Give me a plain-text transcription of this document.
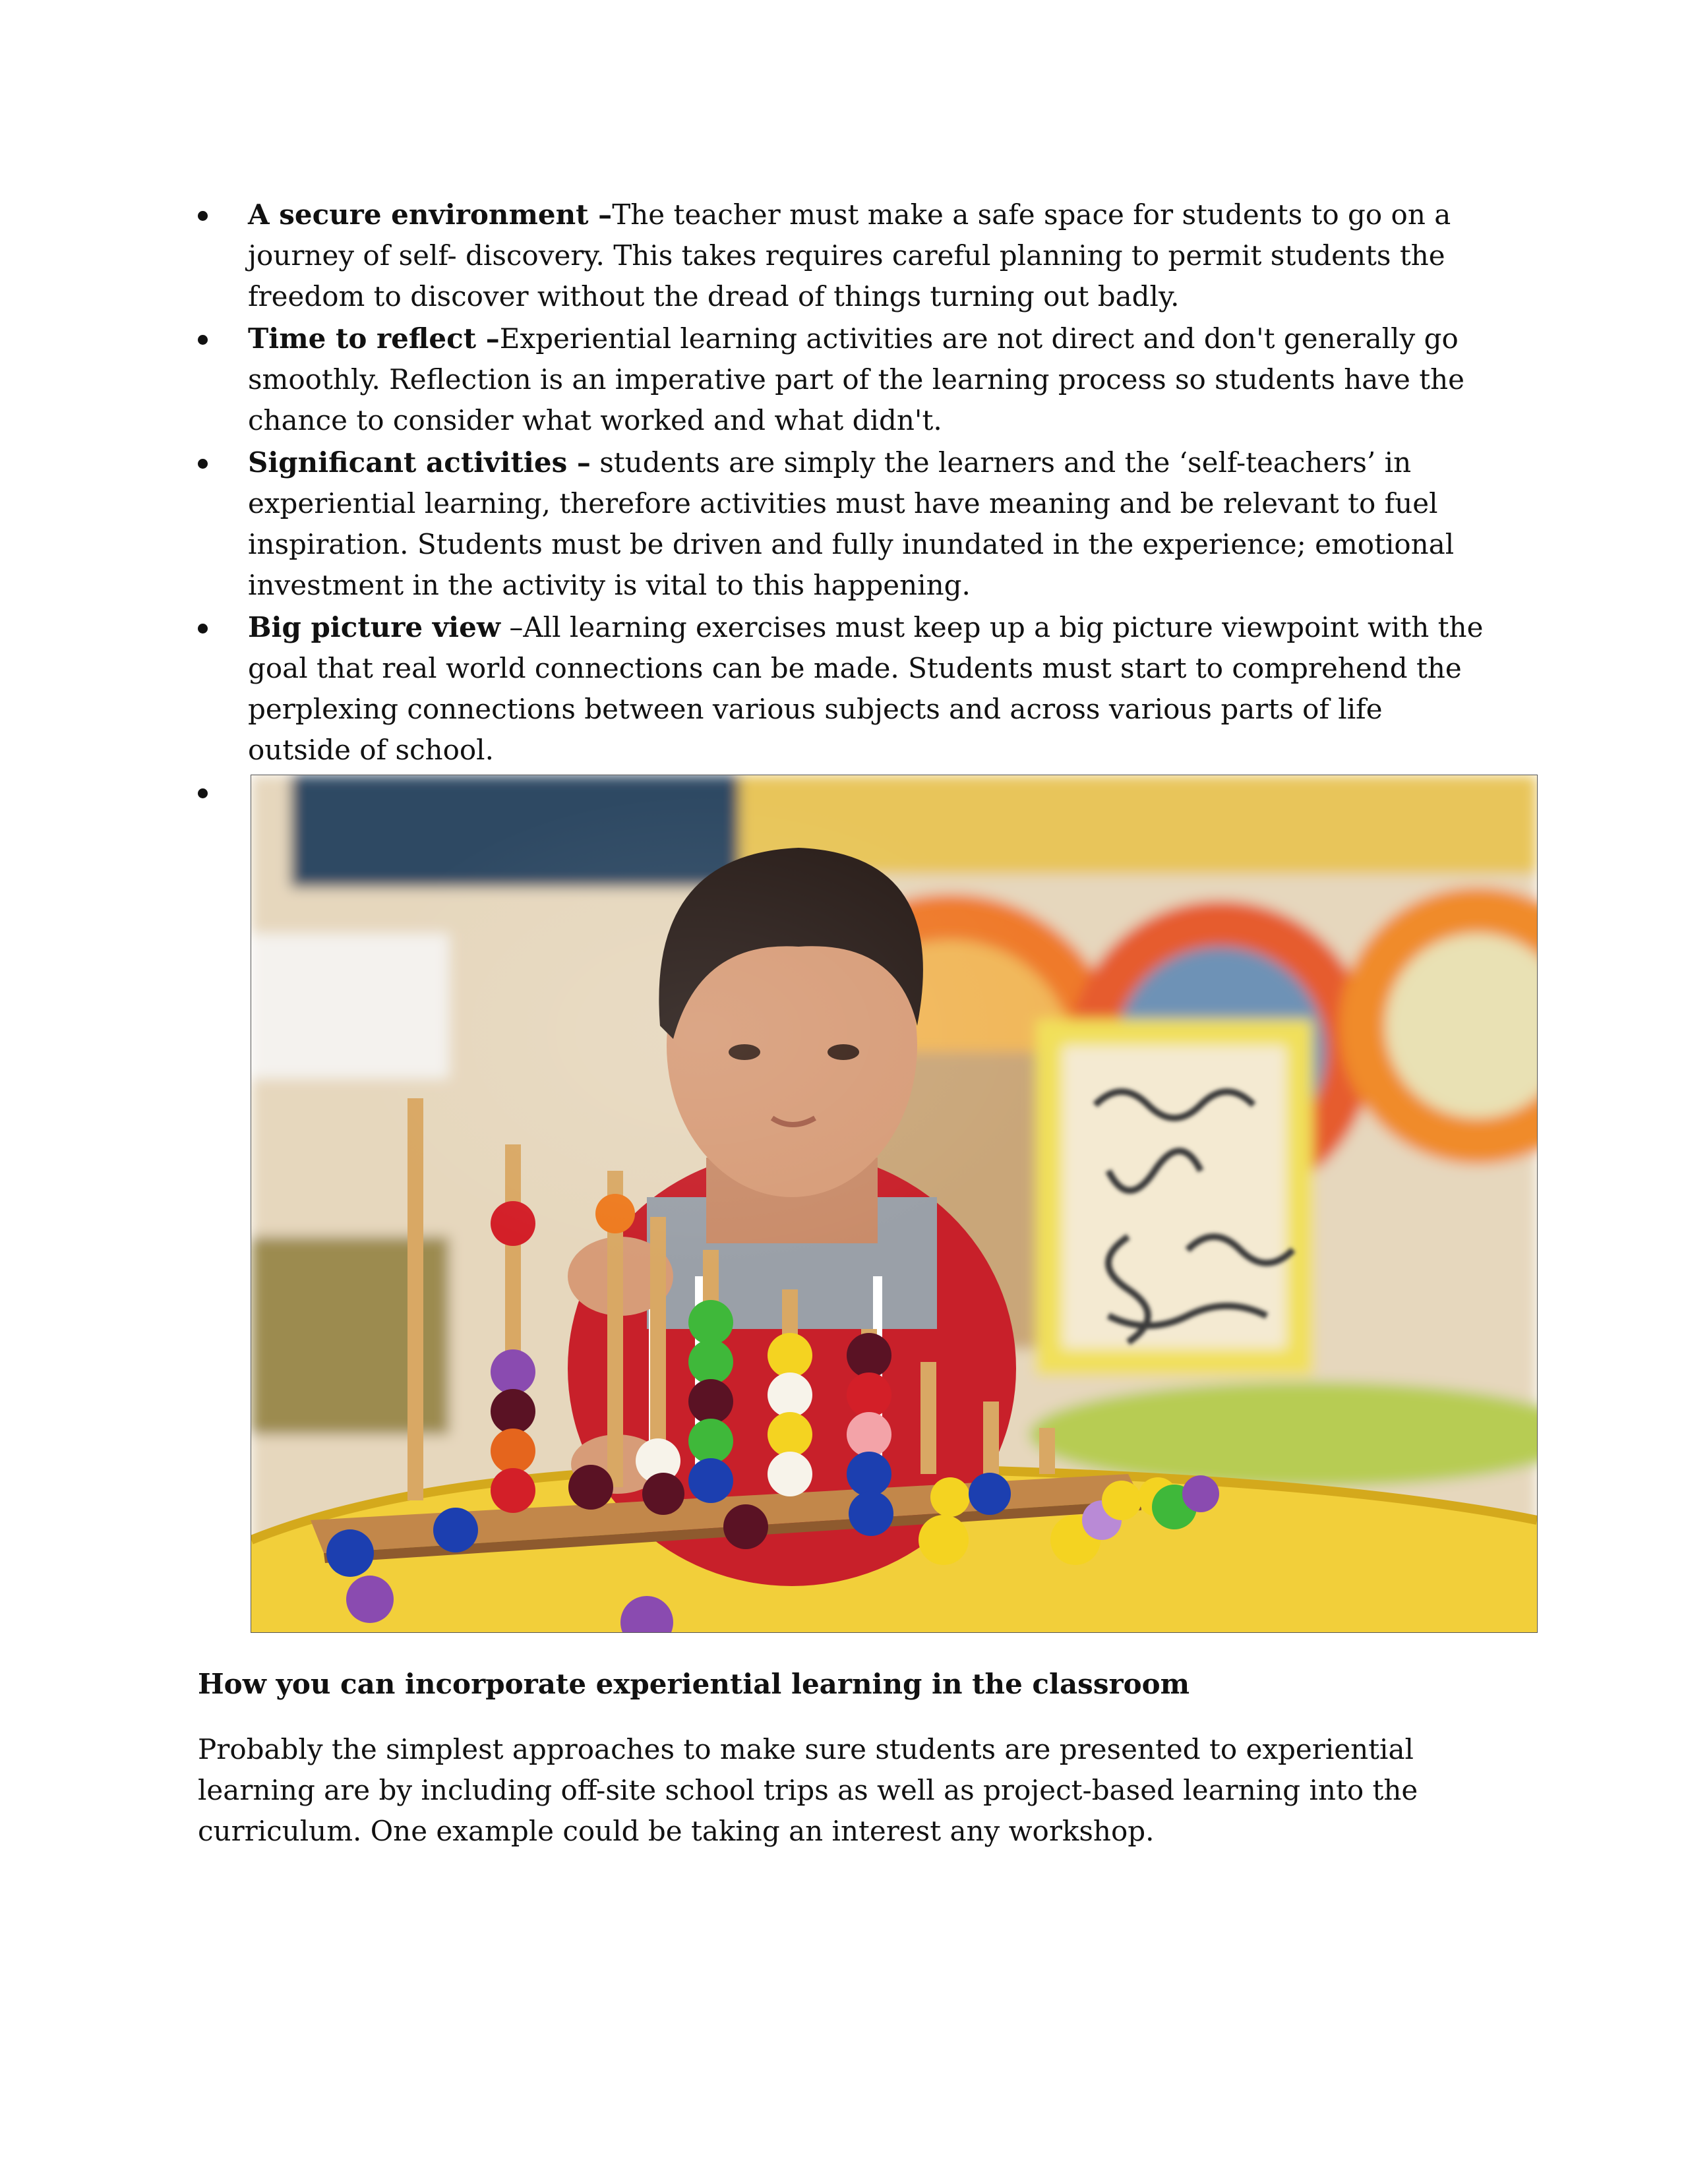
A secure environment –The teacher must make a safe space for students to go on a journey of self- discovery. This takes requires careful planning to permit students the freedom to discover without the dread of things turning out badly.
Time to reflect –Experiential learning activities are not direct and don't generally go smoothly. Reflection is an imperative part of the learning process so students have the chance to consider what worked and what didn't.
Significant activities – students are simply the learners and the ‘self-teachers’ in experiential learning, therefore activities must have meaning and be relevant to fuel inspiration. Students must be driven and fully inundated in the experience; emotional investment in the activity is vital to this happening.
Big picture view –All learning exercises must keep up a big picture viewpoint with the goal that real world connections can be made. Students must start to comprehend the perplexing connections between various subjects and across various parts of life outside of school.
How you can incorporate experiential learning in the classroom

Probably the simplest approaches to make sure students are presented to experiential learning are by including off-site school trips as well as project-based learning into the curriculum. One example could be taking an interest any workshop.
